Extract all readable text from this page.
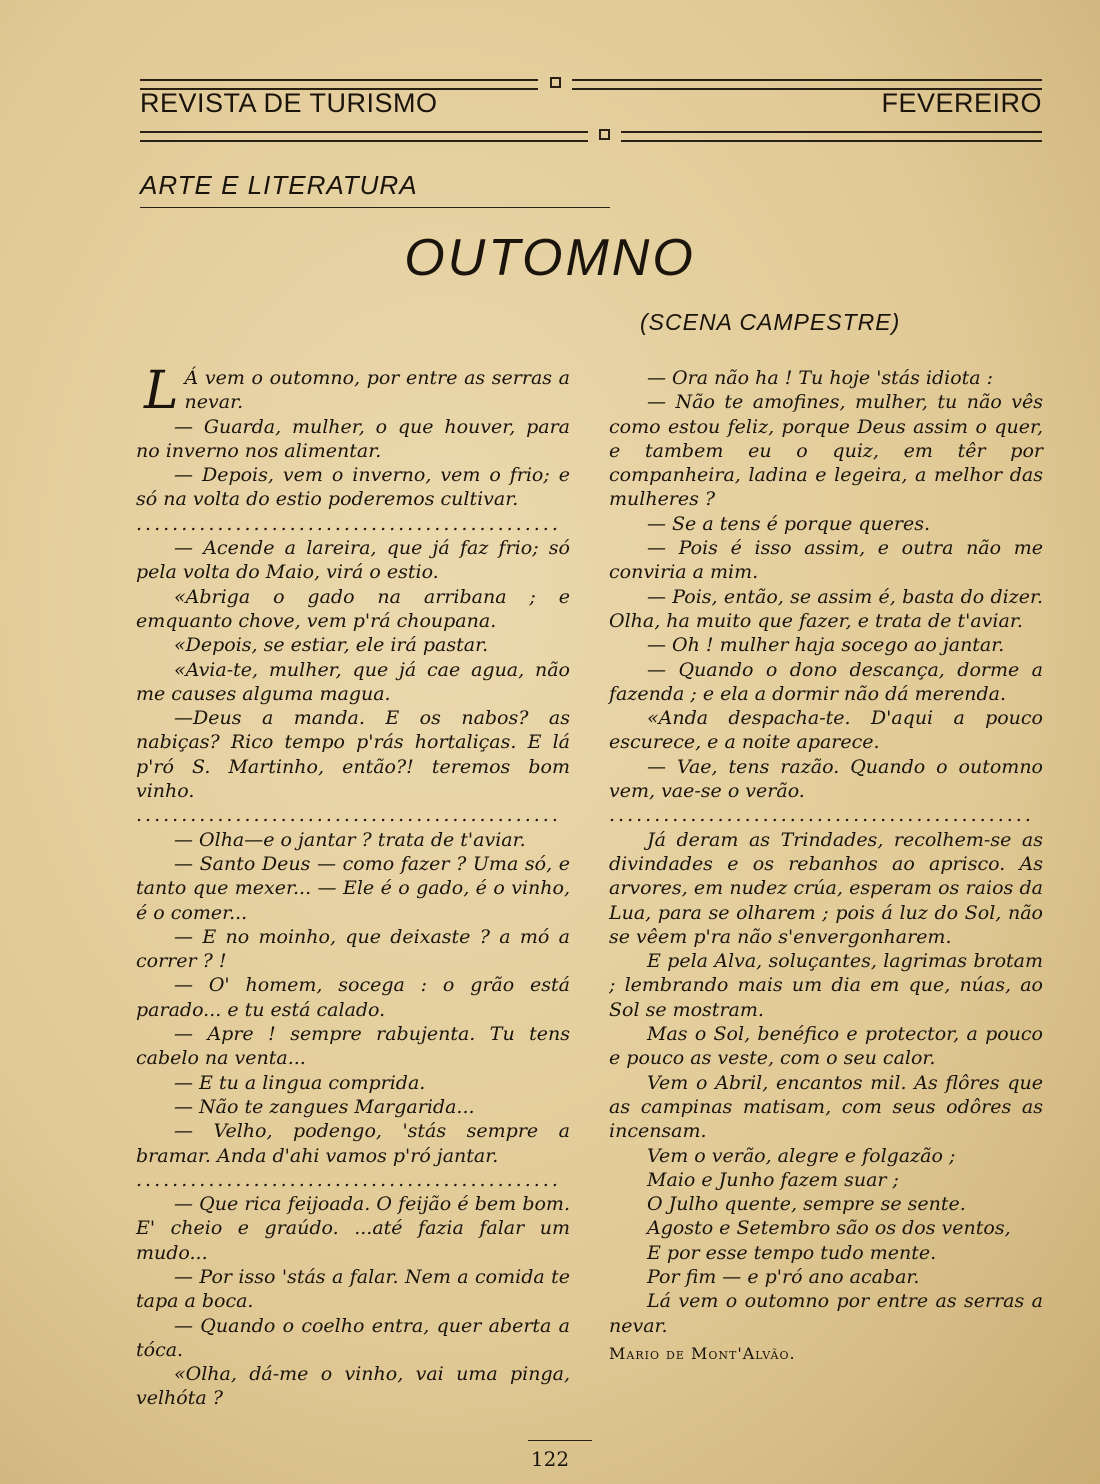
REVISTA DE TURISMO	FEVEREIRO
ARTE E LITERATURA
OUTOMNO
(SCENA CAMPESTRE)

L Á vem o outomno, por entre as serras a nevar.

— Guarda, mulher, o que houver, para no inverno nos alimentar.

— Depois, vem o inverno, vem o frio; e só na volta do estio poderemos cultivar.

...............................................

— Acende a lareira, que já faz frio; só pela volta do Maio, virá o estio.

«Abriga o gado na arribana ; e emquanto chove, vem p'rá choupana.

«Depois, se estiar, ele irá pastar.

«Avia-te, mulher, que já cae agua, não me causes alguma magua.

—Deus a manda. E os nabos? as nabiças? Rico tempo p'rás hortaliças. E lá p'ró S. Martinho, então?! teremos bom vinho.

...............................................

— Olha—e o jantar ? trata de t'aviar.

— Santo Deus — como fazer ? Uma só, e tanto que mexer... — Ele é o gado, é o vinho, é o comer...

— E no moinho, que deixaste ? a mó a correr ? !

— O' homem, socega : o grão está parado... e tu está calado.

— Apre ! sempre rabujenta. Tu tens cabelo na venta...

— E tu a lingua comprida.

— Não te zangues Margarida...

— Velho, podengo, 'stás sempre a bramar. Anda d'ahi vamos p'ró jantar.

...............................................

— Que rica feijoada. O feijão é bem bom. E' cheio e graúdo. ...até fazia falar um mudo...

— Por isso 'stás a falar. Nem a comida te tapa a boca.

— Quando o coelho entra, quer aberta a tóca.

«Olha, dá-me o vinho, vai uma pinga, velhóta ?

— Ora não ha ! Tu hoje 'stás idiota :

— Não te amofines, mulher, tu não vês como estou feliz, porque Deus assim o quer, e tambem eu o quiz, em têr por companheira, ladina e legeira, a melhor das mulheres ?

— Se a tens é porque queres.

— Pois é isso assim, e outra não me conviria a mim.

— Pois, então, se assim é, basta do dizer. Olha, ha muito que fazer, e trata de t'aviar.

— Oh ! mulher haja socego ao jantar.

— Quando o dono descança, dorme a fazenda ; e ela a dormir não dá merenda.

«Anda despacha-te. D'aqui a pouco escurece, e a noite aparece.

— Vae, tens razão. Quando o outomno vem, vae-se o verão.

...............................................

Já deram as Trindades, recolhem-se as divindades e os rebanhos ao aprisco. As arvores, em nudez crúa, esperam os raios da Lua, para se olharem ; pois á luz do Sol, não se vêem p'ra não s'envergonharem.

E pela Alva, soluçantes, lagrimas brotam ; lembrando mais um dia em que, núas, ao Sol se mostram.

Mas o Sol, benéfico e protector, a pouco e pouco as veste, com o seu calor.

Vem o Abril, encantos mil. As flôres que as campinas matisam, com seus odôres as incensam.

Vem o verão, alegre e folgazão ;

Maio e Junho fazem suar ;

O Julho quente, sempre se sente.

Agosto e Setembro são os dos ventos,

E por esse tempo tudo mente.

Por fim — e p'ró ano acabar.

Lá vem o outomno por entre as serras a nevar.

Mario de Mont'Alvão.

122
